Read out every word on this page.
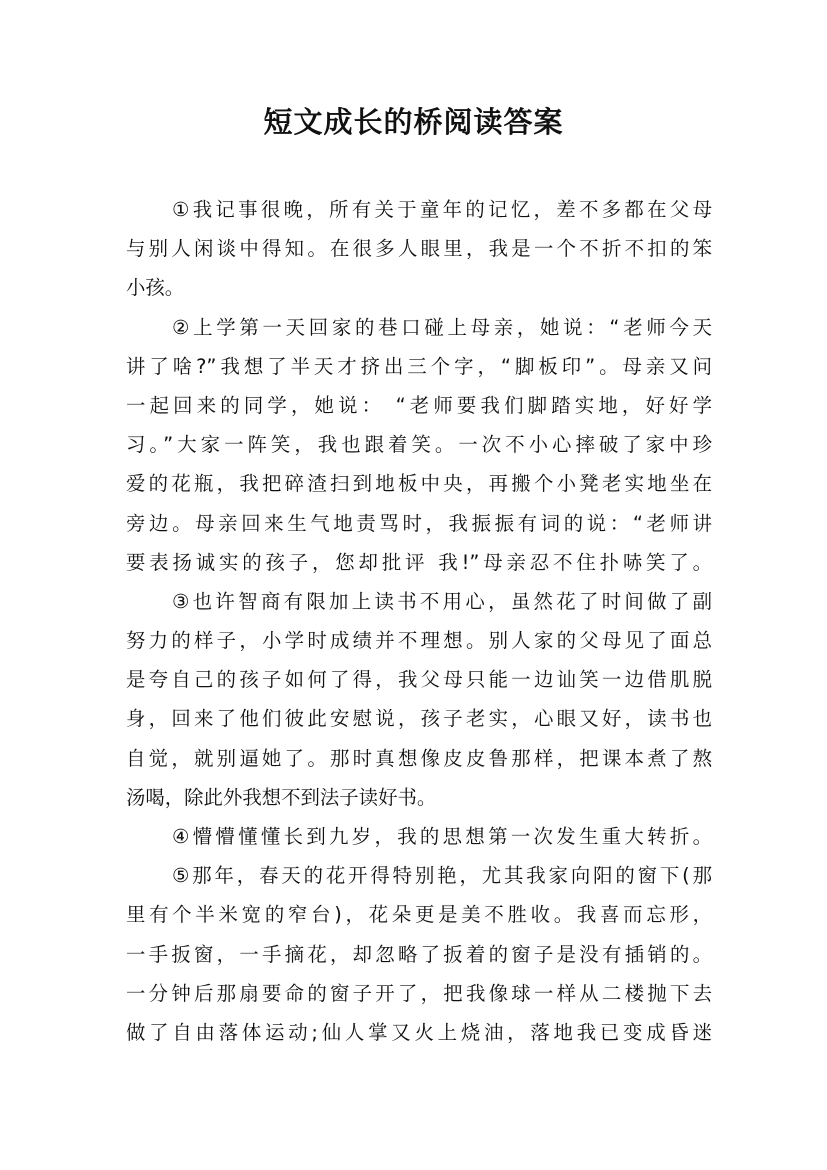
短文成长的桥阅读答案
①我记事很晚，所有关于童年的记忆，差不多都在父母
与别人闲谈中得知。在很多人眼里，我是一个不折不扣的笨
小孩。
②上学第一天回家的巷口碰上母亲，她说：“老师今天
讲了啥?”我想了半天才挤出三个字，“脚板印”。母亲又问
一起回来的同学，她说： “老师要我们脚踏实地，好好学
习。”大家一阵笑，我也跟着笑。一次不小心摔破了家中珍
爱的花瓶，我把碎渣扫到地板中央，再搬个小凳老实地坐在
旁边。母亲回来生气地责骂时，我振振有词的说：“老师讲
要表扬诚实的孩子，您却批评 我!”母亲忍不住扑哧笑了。
③也许智商有限加上读书不用心，虽然花了时间做了副
努力的样子，小学时成绩并不理想。别人家的父母见了面总
是夸自己的孩子如何了得，我父母只能一边讪笑一边借肌脱
身，回来了他们彼此安慰说，孩子老实，心眼又好，读书也
自觉，就别逼她了。那时真想像皮皮鲁那样，把课本煮了熬
汤喝，除此外我想不到法子读好书。
④懵懵懂懂长到九岁，我的思想第一次发生重大转折。
⑤那年，春天的花开得特别艳，尤其我家向阳的窗下(那
里有个半米宽的窄台)，花朵更是美不胜收。我喜而忘形，
一手扳窗，一手摘花，却忽略了扳着的窗子是没有插销的。
一分钟后那扇要命的窗子开了，把我像球一样从二楼抛下去
做了自由落体运动;仙人掌又火上烧油，落地我已变成昏迷
